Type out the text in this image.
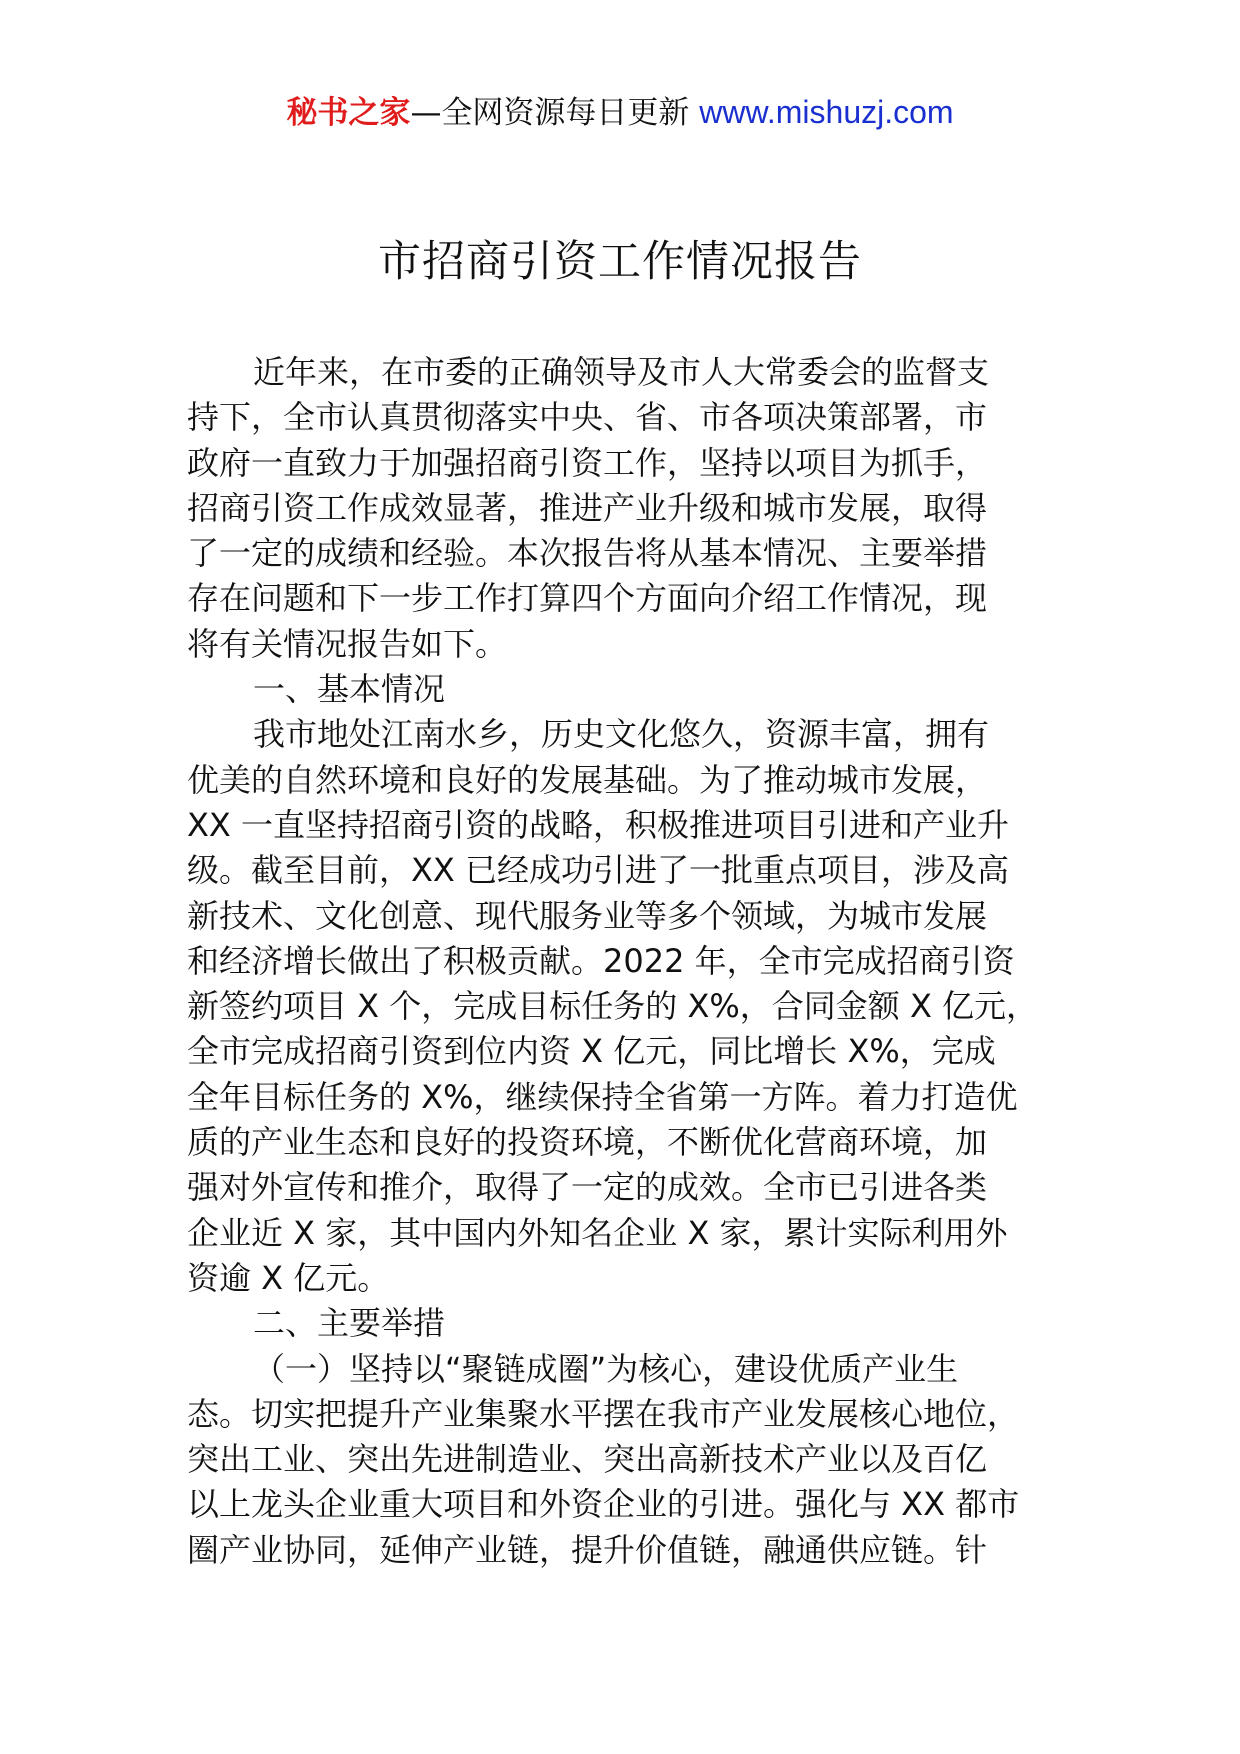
秘书之家—全网资源每日更新 www.mishuzj.com
市招商引资工作情况报告
近年来，在市委的正确领导及市人大常委会的监督支
持下，全市认真贯彻落实中央、省、市各项决策部署，市
政府一直致力于加强招商引资工作，坚持以项目为抓手，
招商引资工作成效显著，推进产业升级和城市发展，取得
了一定的成绩和经验。本次报告将从基本情况、主要举措
存在问题和下一步工作打算四个方面向介绍工作情况，现
将有关情况报告如下。
一、基本情况
我市地处江南水乡，历史文化悠久，资源丰富，拥有
优美的自然环境和良好的发展基础。为了推动城市发展，
XX 一直坚持招商引资的战略，积极推进项目引进和产业升
级。截至目前，XX 已经成功引进了一批重点项目，涉及高
新技术、文化创意、现代服务业等多个领域，为城市发展
和经济增长做出了积极贡献。2022 年，全市完成招商引资
新签约项目 X 个，完成目标任务的 X%，合同金额 X 亿元，
全市完成招商引资到位内资 X 亿元，同比增长 X%，完成
全年目标任务的 X%，继续保持全省第一方阵。着力打造优
质的产业生态和良好的投资环境，不断优化营商环境，加
强对外宣传和推介，取得了一定的成效。全市已引进各类
企业近 X 家，其中国内外知名企业 X 家，累计实际利用外
资逾 X 亿元。
二、主要举措
（一）坚持以“聚链成圈”为核心，建设优质产业生
态。切实把提升产业集聚水平摆在我市产业发展核心地位，
突出工业、突出先进制造业、突出高新技术产业以及百亿
以上龙头企业重大项目和外资企业的引进。强化与 XX 都市
圈产业协同，延伸产业链，提升价值链，融通供应链。针
